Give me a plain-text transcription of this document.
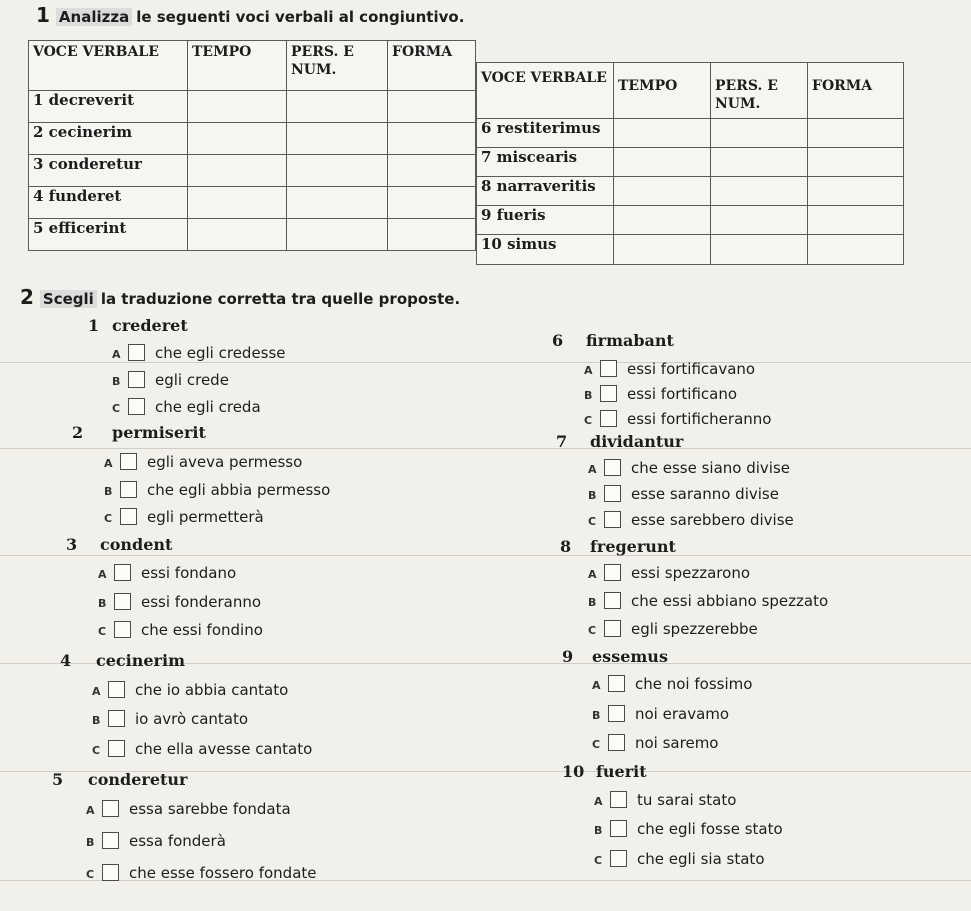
1 Analizza le seguenti voci verbali al congiuntivo.
VOCE VERBALE	TEMPO	PERS. E NUM.	FORMA
1 decreverit			
2 cecinerim			
3 conderetur			
4 funderet			
5 efficerint			
VOCE VERBALE	TEMPO	PERS. E NUM.	FORMA
6 restiterimus			
7 miscearis			
8 narraveritis			
9 fueris			
10 simus			
2 Scegli la traduzione corretta tra quelle proposte.
1 crederet
A che egli credesse
B egli crede
C che egli creda
2 permiserit
A egli aveva permesso
B che egli abbia permesso
C egli permetterà
3 condent
A essi fondano
B essi fonderanno
C che essi fondino
4 cecinerim
A che io abbia cantato
B io avrò cantato
C che ella avesse cantato
5 conderetur
A essa sarebbe fondata
B essa fonderà
C che esse fossero fondate
6 firmabant
A essi fortificavano
B essi fortificano
C essi fortificheranno
7 dividantur
A che esse siano divise
B esse saranno divise
C esse sarebbero divise
8 fregerunt
A essi spezzarono
B che essi abbiano spezzato
C egli spezzerebbe
9 essemus
A che noi fossimo
B noi eravamo
C noi saremo
10 fuerit
A tu sarai stato
B che egli fosse stato
C che egli sia stato
